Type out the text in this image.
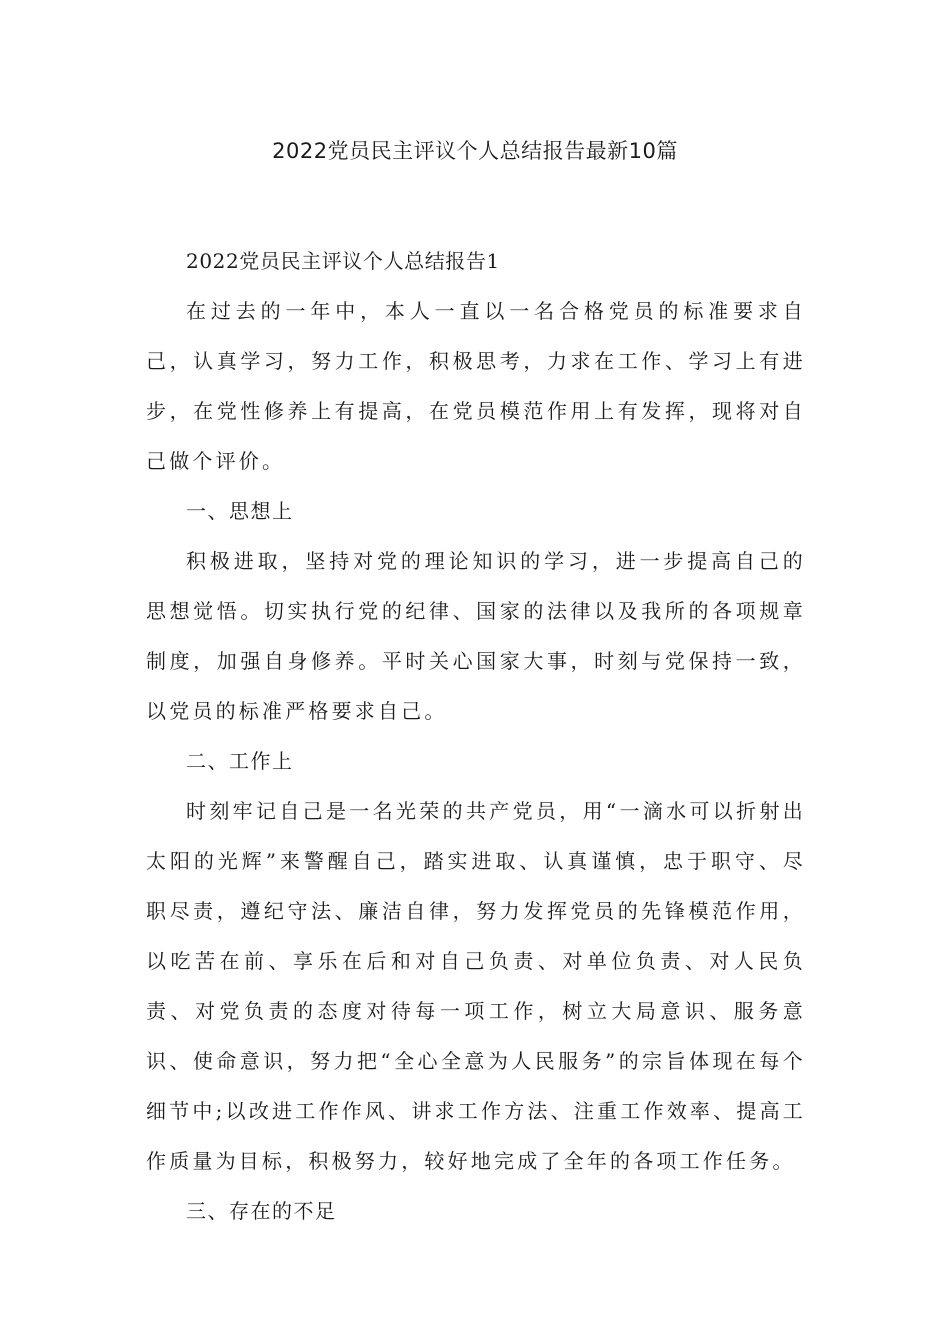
2022党员民主评议个人总结报告最新10篇

2022党员民主评议个人总结报告1

在过去的一年中，本人一直以一名合格党员的标准要求自己，认真学习，努力工作，积极思考，力求在工作、学习上有进步，在党性修养上有提高，在党员模范作用上有发挥，现将对自己做个评价。

一、思想上

积极进取，坚持对党的理论知识的学习，进一步提高自己的思想觉悟。切实执行党的纪律、国家的法律以及我所的各项规章制度，加强自身修养。平时关心国家大事，时刻与党保持一致，以党员的标准严格要求自己。

二、工作上

时刻牢记自己是一名光荣的共产党员，用“一滴水可以折射出太阳的光辉”来警醒自己，踏实进取、认真谨慎，忠于职守、尽职尽责，遵纪守法、廉洁自律，努力发挥党员的先锋模范作用，以吃苦在前、享乐在后和对自己负责、对单位负责、对人民负责、对党负责的态度对待每一项工作，树立大局意识、服务意识、使命意识，努力把“全心全意为人民服务”的宗旨体现在每个细节中;以改进工作作风、讲求工作方法、注重工作效率、提高工作质量为目标，积极努力，较好地完成了全年的各项工作任务。

三、存在的不足
